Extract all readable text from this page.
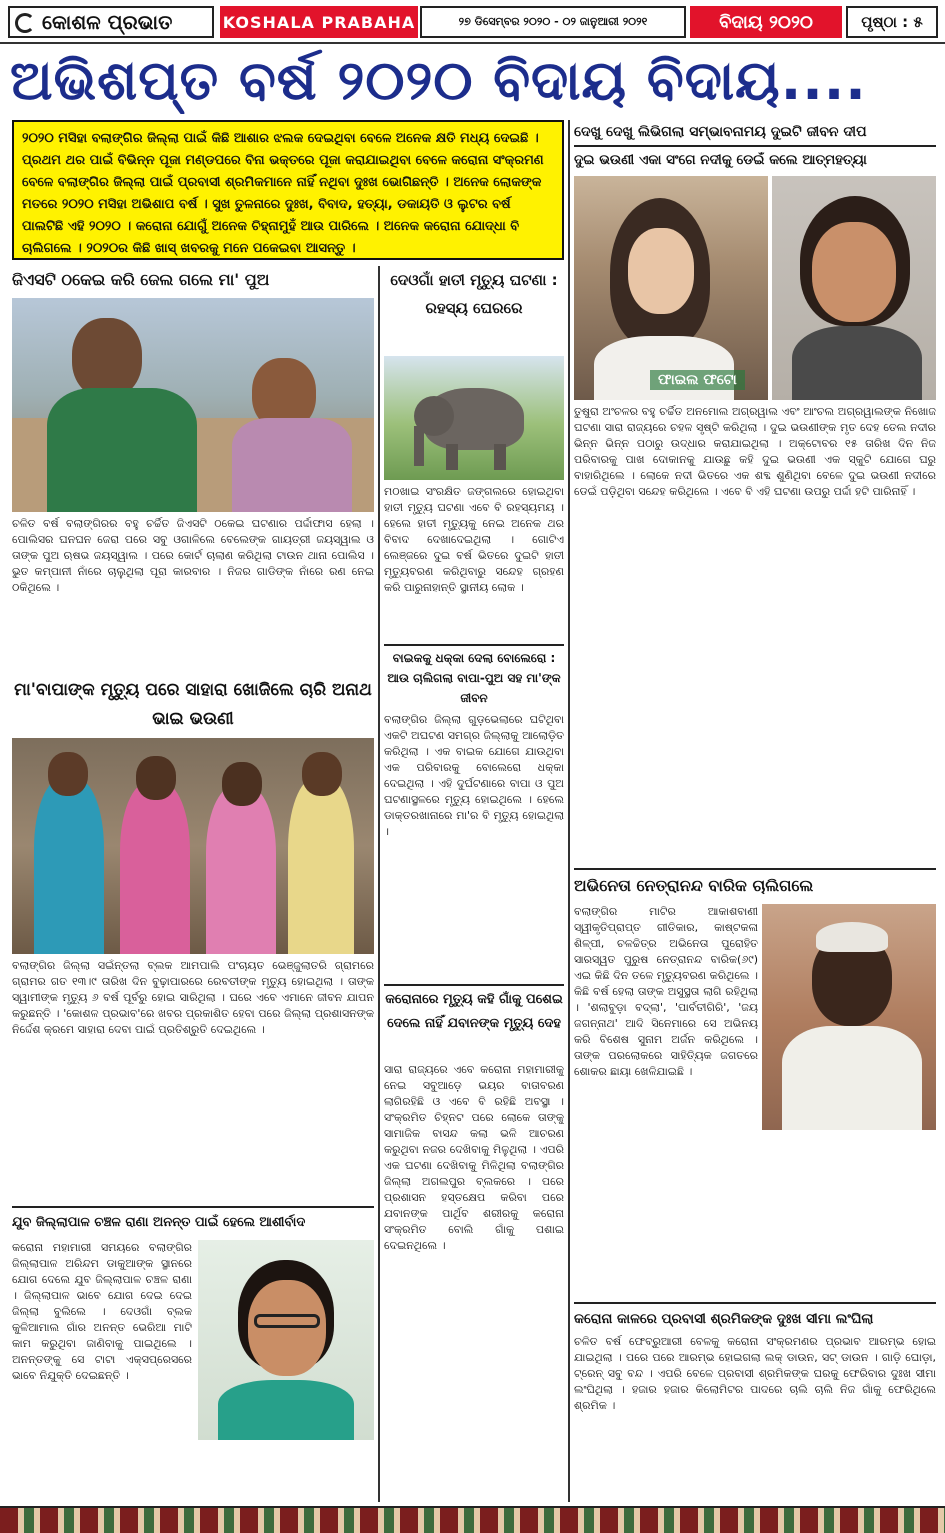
କୋଶଳ ପ୍ରଭାତ	KOSHALA PRABAHA	୨୭ ଡିସେମ୍ବର ୨୦୨୦ - ୦୨ ଜାନୁଆରୀ ୨୦୨୧	ବିଦାୟ ୨୦୨୦	ପୃଷ୍ଠା : ୫
ଅଭିଶପ୍ତ ବର୍ଷ ୨୦୨୦ ବିଦାୟ ବିଦାୟ....
୨୦୨୦ ମସିହା ବଲାଙ୍ଗିର ଜିଲ୍ଲା ପାଇଁ କିଛି ଆଶାର ଝଲକ ଦେଇଥିବା ବେଳେ ଅନେକ କ୍ଷତି ମଧ୍ୟ ଦେଇଛି । ପ୍ରଥମ ଥର ପାଇଁ ବିଭିନ୍ନ ପୂଜା ମଣ୍ଡପରେ ବିନା ଭକ୍ତରେ ପୂଜା କରାଯାଇଥିବା ବେଳେ କରୋନା ସଂକ୍ରମଣ ବେଳେ ବଲାଙ୍ଗିର ଜିଲ୍ଲା ପାଇଁ ପ୍ରବାସୀ ଶ୍ରମିକମାନେ ନାହିଁ ନଥିବା ଦୁଃଖ ଭୋଗିଛନ୍ତି । ଅନେକ ଲୋକଙ୍କ ମତରେ ୨୦୨୦ ମସିହା ଅଭିଶାପ ବର୍ଷ । ସୁଖ ତୁଳନାରେ ଦୁଃଖ, ବିବାଦ, ହତ୍ୟା, ଡକାୟତି ଓ ଲୁଟର ବର୍ଷ ପାଲଟିଛି ଏହି ୨୦୨୦ । କରୋନା ଯୋଗୁଁ ଅନେକ ଚିହ୍ନାମୁହଁ ଆଉ ପାରିଲେ । ଅନେକ କରୋନା ଯୋଦ୍ଧା ବି ଚାଲିଗଲେ । ୨୦୨୦ର କିଛି ଖାସ୍ ଖବରକୁ ମନେ ପକେଇବା ଆସନ୍ତୁ ।
ଦେଖୁ ଦେଖୁ ଲିଭିଗଲା ସମ୍ଭାବନାମୟ ଦୁଇଟି ଜୀବନ ଦୀପ
ଦୁଇ ଭଉଣୀ ଏକା ସଂଗେ ନଦୀକୁ ଡେଇଁ କଲେ ଆତ୍ମହତ୍ୟା
ଫାଇଲ ଫଟୋ
ତୁଷୁରା ଅଂଚଳର ବହୁ ଚର୍ଚ୍ଚିତ ଅନମୋଲ ଅଗ୍ରୱାଲ ଏବଂ ଆଂଚଲ ଅଗ୍ରୱାଲଙ୍କ ନିଖୋଜ ଘଟଣା ସାରା ରାଜ୍ୟରେ ଚହଳ ସୃଷ୍ଟି କରିଥିଲା । ଦୁଇ ଭଉଣୀଙ୍କ ମୃତ ଦେହ ତେଲ ନଦୀର ଭିନ୍ନ ଭିନ୍ନ ପଠାରୁ ଉଦ୍ଧାର କରାଯାଇଥିଲା । ଅକ୍ଟୋବର ୧୫ ତାରିଖ ଦିନ ନିଜ ପରିବାରକୁ ପାଖ ଦୋକାନକୁ ଯାଉଛୁ କହି ଦୁଇ ଭଉଣୀ ଏକ ସ୍କୁଟି ଯୋଗେ ଘରୁ ବାହାରିଥିଲେ । ଲୋକେ ନଦୀ ଭିତରେ ଏକ ଶବ୍ଦ ଶୁଣିଥିବା ବେଳେ ଦୁଇ ଭଉଣୀ ନଦୀରେ ଡେଇଁ ପଡ଼ିଥିବା ସନ୍ଦେହ କରିଥିଲେ । ଏବେ ବି ଏହି ଘଟଣା ଉପରୁ ପର୍ଦ୍ଦା ହଟି ପାରିନାହିଁ ।
ଜିଏସଟି ଠକେଇ କରି ଜେଲ ଗଲେ ମା' ପୁଅ
ଚଳିତ ବର୍ଷ ବଲାଙ୍ଗିରର ବହୁ ଚର୍ଚ୍ଚିତ ଜିଏସଟି ଠକେଇ ଘଟଣାର ପର୍ଦ୍ଦାଫାସ ହେଲା । ପୋଲିସର ଘନଘନ ଜେରା ପରେ ସବୁ ଓଗାଳିଲେ ବେଲେଙ୍କ ଗାୟତ୍ରୀ ଜୟସ୍ୱାଲ ଓ ତାଙ୍କ ପୁଅ ଋଷଭ ଜୟସ୍ୱାଲ । ପରେ କୋର୍ଟ ଚାଲାଣ କରିଥିଲା ଟାଉନ ଥାନା ପୋଲିସ । ଭୁତ କମ୍ପାନୀ ନାଁରେ ଚାଲୁଥିଲା ପୂରା କାରବାର । ନିଜର ଗାଡିଙ୍କ ନାଁରେ ରଣ ନେଇ ଠକିଥିଲେ ।
ଦେଓଗାଁ ହାତୀ ମୃତ୍ୟୁ ଘଟଣା : ରହସ୍ୟ ଘେରରେ
ମଠଖାଇ ସଂରକ୍ଷିତ ଜଙ୍ଗଲରେ ହୋଇଥିବା ହାତୀ ମୃତ୍ୟୁ ଘଟଣା ଏବେ ବି ରହସ୍ୟମୟ । ହେଲେ ହାତୀ ମୃତ୍ୟୁକୁ ନେଇ ଅନେକ ଥର ବିବାଦ ଦେଖାଦେଇଥିଲା । ଗୋଟିଏ ଲେଞ୍ଜରେ ଦୁଇ ବର୍ଷ ଭିତରେ ଦୁଇଟି ହାତୀ ମୃତ୍ୟୁବରଣ କରିଥିବାରୁ ସନ୍ଦେହ ଗ୍ରହଣ କରି ପାରୁନାହାନ୍ତି ସ୍ଥାନୀୟ ଲୋକ ।
ବାଇକକୁ ଧକ୍କା ଦେଲା ବୋଲେରୋ : ଆଉ ଚାଲିଗଲା ବାପା-ପୁଅ ସହ ମା'ଙ୍କ ଜୀବନ
ବଲାଙ୍ଗିର ଜିଲ୍ଲା ଗୁଡ଼ଭେଲାରେ ଘଟିଥିବା ଏକଟି ଅଘଟଣ ସମଗ୍ର ଜିଲ୍ଲାକୁ ଆଲୋଡ଼ିତ କରିଥିଲା । ଏକ ବାଇକ ଯୋଗେ ଯାଉଥିବା ଏକ ପରିବାରକୁ ବୋଲେରୋ ଧକ୍କା ଦେଇଥିଲା । ଏହି ଦୁର୍ଘଟଣାରେ ବାପା ଓ ପୁଅ ଘଟଣାସ୍ଥଳରେ ମୃତ୍ୟୁ ହୋଇଥିଲେ । ହେଲେ ଡାକ୍ତରଖାନାରେ ମା'ର ବି ମୃତ୍ୟୁ ହୋଇଥିଲା ।
କରୋନାରେ ମୃତ୍ୟୁ କହି ଗାଁକୁ ପଶେଇ ଦେଲେ ନାହିଁ ଯବାନଙ୍କ ମୃତ୍ୟୁ ଦେହ
ସାରା ରାଜ୍ୟରେ ଏବେ କରୋନା ମହାମାରୀକୁ ନେଇ ସବୁଆଡ଼େ ଭୟର ବାତାବରଣ ଲାଗିରହିଛି ଓ ଏବେ ବି ରହିଛି ଅବସ୍ଥା । ସଂକ୍ରମିତ ଚିହ୍ନଟ ପରେ ଲୋକେ ତାଙ୍କୁ ସାମାଜିକ ବାସନ୍ଦ କଲା ଭଳି ଆଚରଣ କରୁଥିବା ନଜର ଦେଖିବାକୁ ମିଳୁଥିଲା । ଏପରି ଏକ ଘଟଣା ଦେଖିବାକୁ ମିଳିଥିଲା ବଲାଙ୍ଗିର ଜିଲ୍ଲା ଅଗଲପୁର ବ୍ଲକରେ । ପରେ ପ୍ରଶାସନ ହସ୍ତକ୍ଷେପ କରିବା ପରେ ଯବାନଙ୍କ ପାର୍ଥିବ ଶରୀରକୁ କରୋନା ସଂକ୍ରମିତ ବୋଲି ଗାଁକୁ ପଶାଇ ଦେଇନଥିଲେ ।
ମା'ବାପାଙ୍କ ମୃତ୍ୟୁ ପରେ ସାହାରା ଖୋଜିଲେ ଚାରି ଅନାଥ ଭାଇ ଭଉଣୀ
ବଲାଙ୍ଗିର ଜିଲ୍ଲା ସଇଁନ୍ତଲା ବ୍ଲକ ଆମପାଲି ପଂଚାୟତ ଭେଞ୍ଜୁଲାତରି ଗ୍ରାମରେ ଗ୍ରାମର ଗତ ୧୩।୯ ତାରିଖ ଦିନ ବୁଢ଼ାପାରରେ ରେବତୀଙ୍କ ମୃତ୍ୟୁ ହୋଇଥିଲା । ତାଙ୍କ ସ୍ୱାମୀଙ୍କ ମୃତ୍ୟୁ ୬ ବର୍ଷ ପୂର୍ବରୁ ହୋଇ ସାରିଥିଲା । ଘରେ ଏବେ ଏମାନେ ଜୀବନ ଯାପନ କରୁଛନ୍ତି । 'କୋଶଳ ପ୍ରଭାବ'ରେ ଖବର ପ୍ରକାଶିତ ହେବା ପରେ ଜିଲ୍ଲା ପ୍ରଶାସନଙ୍କ ନିର୍ଦ୍ଦେଶ କ୍ରମେ ସାହାରା ଦେବା ପାଇଁ ପ୍ରତିଶ୍ରୁତି ଦେଇଥିଲେ ।
ଯୁବ ଜିଲ୍ଲାପାଳ ଚଞ୍ଚଳ ରାଣା ଅନନ୍ତ ପାଇଁ ହେଲେ ଆଶୀର୍ବାଦ
କରୋନା ମହାମାରୀ ସମୟରେ ବଲାଙ୍ଗିର ଜିଲ୍ଲାପାଳ ଅରିନ୍ଦମ ଡାକୁଆଙ୍କ ସ୍ଥାନରେ ଯୋଗ ଦେଲେ ଯୁବ ଜିଲ୍ଲାପାଳ ଚଞ୍ଚଳ ରାଣା । ଜିଲ୍ଲାପାଳ ଭାବେ ଯୋଗ ଦେଇ ଦେଇ ଜିଲ୍ଲା ବୁଲିଲେ । ଦେଓଗାଁ ବ୍ଲକ କୁଳିଆମାଲ ଗାଁର ଅନନ୍ତ ଭେରିଆ ମାଟି କାମ କରୁଥିବା ଜାଣିବାକୁ ପାଇଥିଲେ । ଅନନ୍ତଙ୍କୁ ସେ ଟାଟା ଏକ୍ସପ୍ରେସରେ ଭାବେ ନିଯୁକ୍ତି ଦେଇଛନ୍ତି ।
ଅଭିନେତା ନେତ୍ରାନନ୍ଦ ବାରିକ ଚାଲିଗଲେ
ବଲାଙ୍ଗିର ମାଟିର ଆକାଶବାଣୀ ସ୍ୱୀକୃତିପ୍ରାପ୍ତ ଗୀତିକାର, କାଷ୍ଟକଳା ଶିଳ୍ପୀ, ଚଳଚ୍ଚିତ୍ର ଅଭିନେତା ପୁରୋହିତ ସାରସ୍ୱତ ପୁରୁଷ ନେତ୍ରାନନ୍ଦ ବାରିକ(୬୯) ଏଇ କିଛି ଦିନ ତଳେ ମୃତ୍ୟୁବରଣ କରିଥିଲେ । କିଛି ବର୍ଷ ହେଲା ତାଙ୍କ ଅସୁସ୍ଥତା ଲାଗି ରହିଥିଲା । 'ଶଲାବୁଡ଼ା ବଦ୍ଲା', 'ପାର୍ବତୀଗିରି', 'ଜୟ ଜଗନ୍ନାଥ' ଆଦି ସିନେମାରେ ସେ ଅଭିନୟ କରି ବିଶେଷ ସୁନାମ ଅର୍ଜନ କରିଥିଲେ । ତାଙ୍କ ପରଲୋକରେ ସାହିତ୍ୟିକ ଜଗତରେ ଶୋକର ଛାୟା ଖେଳିଯାଇଛି ।
କରୋନା କାଳରେ ପ୍ରବାସୀ ଶ୍ରମିକଙ୍କ ଦୁଃଖ ସୀମା ଲଂଘିଲା
ଚଳିତ ବର୍ଷ ଫେବ୍ରୁଆରୀ ବେଳକୁ କରୋନା ସଂକ୍ରମଣର ପ୍ରଭାବ ଆରମ୍ଭ ହୋଇ ଯାଇଥିଲା । ପରେ ପରେ ଆରମ୍ଭ ହୋଇଗଲା ଲକ୍ ଡାଉନ, ସଟ୍ ଡାଉନ । ଗାଡ଼ି ଘୋଡ଼ା, ଟ୍ରେନ୍ ସବୁ ବନ୍ଦ । ଏପରି ବେଳେ ପ୍ରବାସୀ ଶ୍ରମିକଙ୍କ ଘରକୁ ଫେରିବାର ଦୁଃଖ ସୀମା ଲଂଘିଥିଲା । ହଜାର ହଜାର କିଲୋମିଟର ପାଦରେ ଚାଲି ଚାଲି ନିଜ ଗାଁକୁ ଫେରିଥିଲେ ଶ୍ରମିକ ।
